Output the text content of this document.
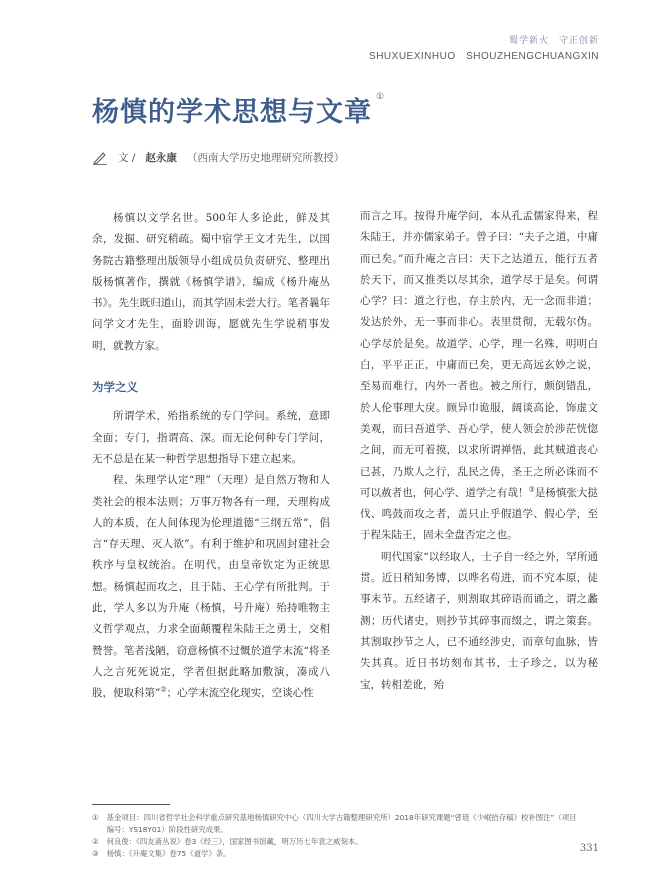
蜀学新火　守正创新
SHUXUEXINHUO　SHOUZHENGCHUANGXIN
杨慎的学术思想与文章 ①
文 / 赵永康 （西南大学历史地理研究所教授）

杨慎以文学名世。500年人多论此，鲜及其余，发掘、研究稍疏。蜀中宿学王文才先生，以国务院古籍整理出版领导小组成员负责研究、整理出版杨慎著作，撰就《杨慎学谱》，编成《杨升庵丛书》。先生既归道山，而其学固未尝大行。笔者曩年问学文才先生，面聆训诲，愿就先生学说稍事发明，就教方家。

为学之义

所谓学术，殆指系统的专门学问。系统，意即全面；专门，指谓高、深。而无论何种专门学问，无不总是在某一种哲学思想指导下建立起来。

程、朱理学认定“理”（天理）是自然万物和人类社会的根本法则；万事万物各有一理，天理构成人的本质，在人间体现为伦理道德“三纲五常”，倡言“存天理、灭人欲”。有利于维护和巩固封建社会秩序与皇权统治。在明代，由皇帝钦定为正统思想。杨慎起而攻之，且于陆、王心学有所批判。于此，学人多以为升庵（杨慎，号升庵）殆持唯物主义哲学观点，力求全面颠覆程朱陆王之勇士，交相赞誉。笔者浅陋，窃意杨慎不过慨於道学末流“将圣人之言死死说定，学者但据此略加敷演，凑成八股，便取科第”②；心学末流空化现实，空谈心性

而言之耳。按得升庵学问，本从孔孟儒家得来，程朱陆王，并亦儒家弟子。曾子曰：“夫子之道，中庸而已矣。”而升庵之言曰：天下之达道五，能行五者於天下，而又推类以尽其余，道学尽于是矣。何谓心学？曰：道之行也，存主於内，无一念而非道；发达於外，无一事而非心。表里贯彻，无载尔伪。心学尽於是矣。故道学、心学，理一名殊，明明白白，平平正正，中庸而已矣，更无高远玄妙之说，至易而难行，内外一者也。被之所行，颇倒错乱，於人伦事理大戾。顾异巾诡服，阔谈高论，饰虚文美观，而曰吾道学、吾心学，使人领会於涉茫恍惚之间，而无可着摸，以求所谓禅悟，此其贼道丧心已甚，乃欺人之行，乱民之俦，圣王之所必诛而不可以赦者也，何心学、道学之有哉！③是杨慎张大挞伐、鸣鼓而攻之者，盖只止乎假道学、假心学，至于程朱陆王，固未全盘否定之也。

明代国家“以经取人，士子自一经之外，罕所通贯。近日稍知务博，以哗名苟进，而不究本原，徒事末节。五经诸子，则割取其碎语而诵之，谓之蠡测；历代诸史，则抄节其碎事而缀之，谓之策套。其割取抄节之人，已不通经涉史，而章句血脉，皆失其真。近日书坊刻布其书，士子珍之，以为秘宝，转相差讹，殆

① 基金项目：四川省哲学社会科学重点研究基地杨慎研究中心（四川大学古籍整理研究所）2018年研究课题“曾琏《少岷拾存稿》校补图注”（项目编号：YS18Y01）阶段性研究成果。
② 何良俊：《四友斋丛说》卷3《经三》，国家图书馆藏，明万历七年袁之威刻本。
③ 杨慎：《升庵文集》卷75《道学》条。	331
